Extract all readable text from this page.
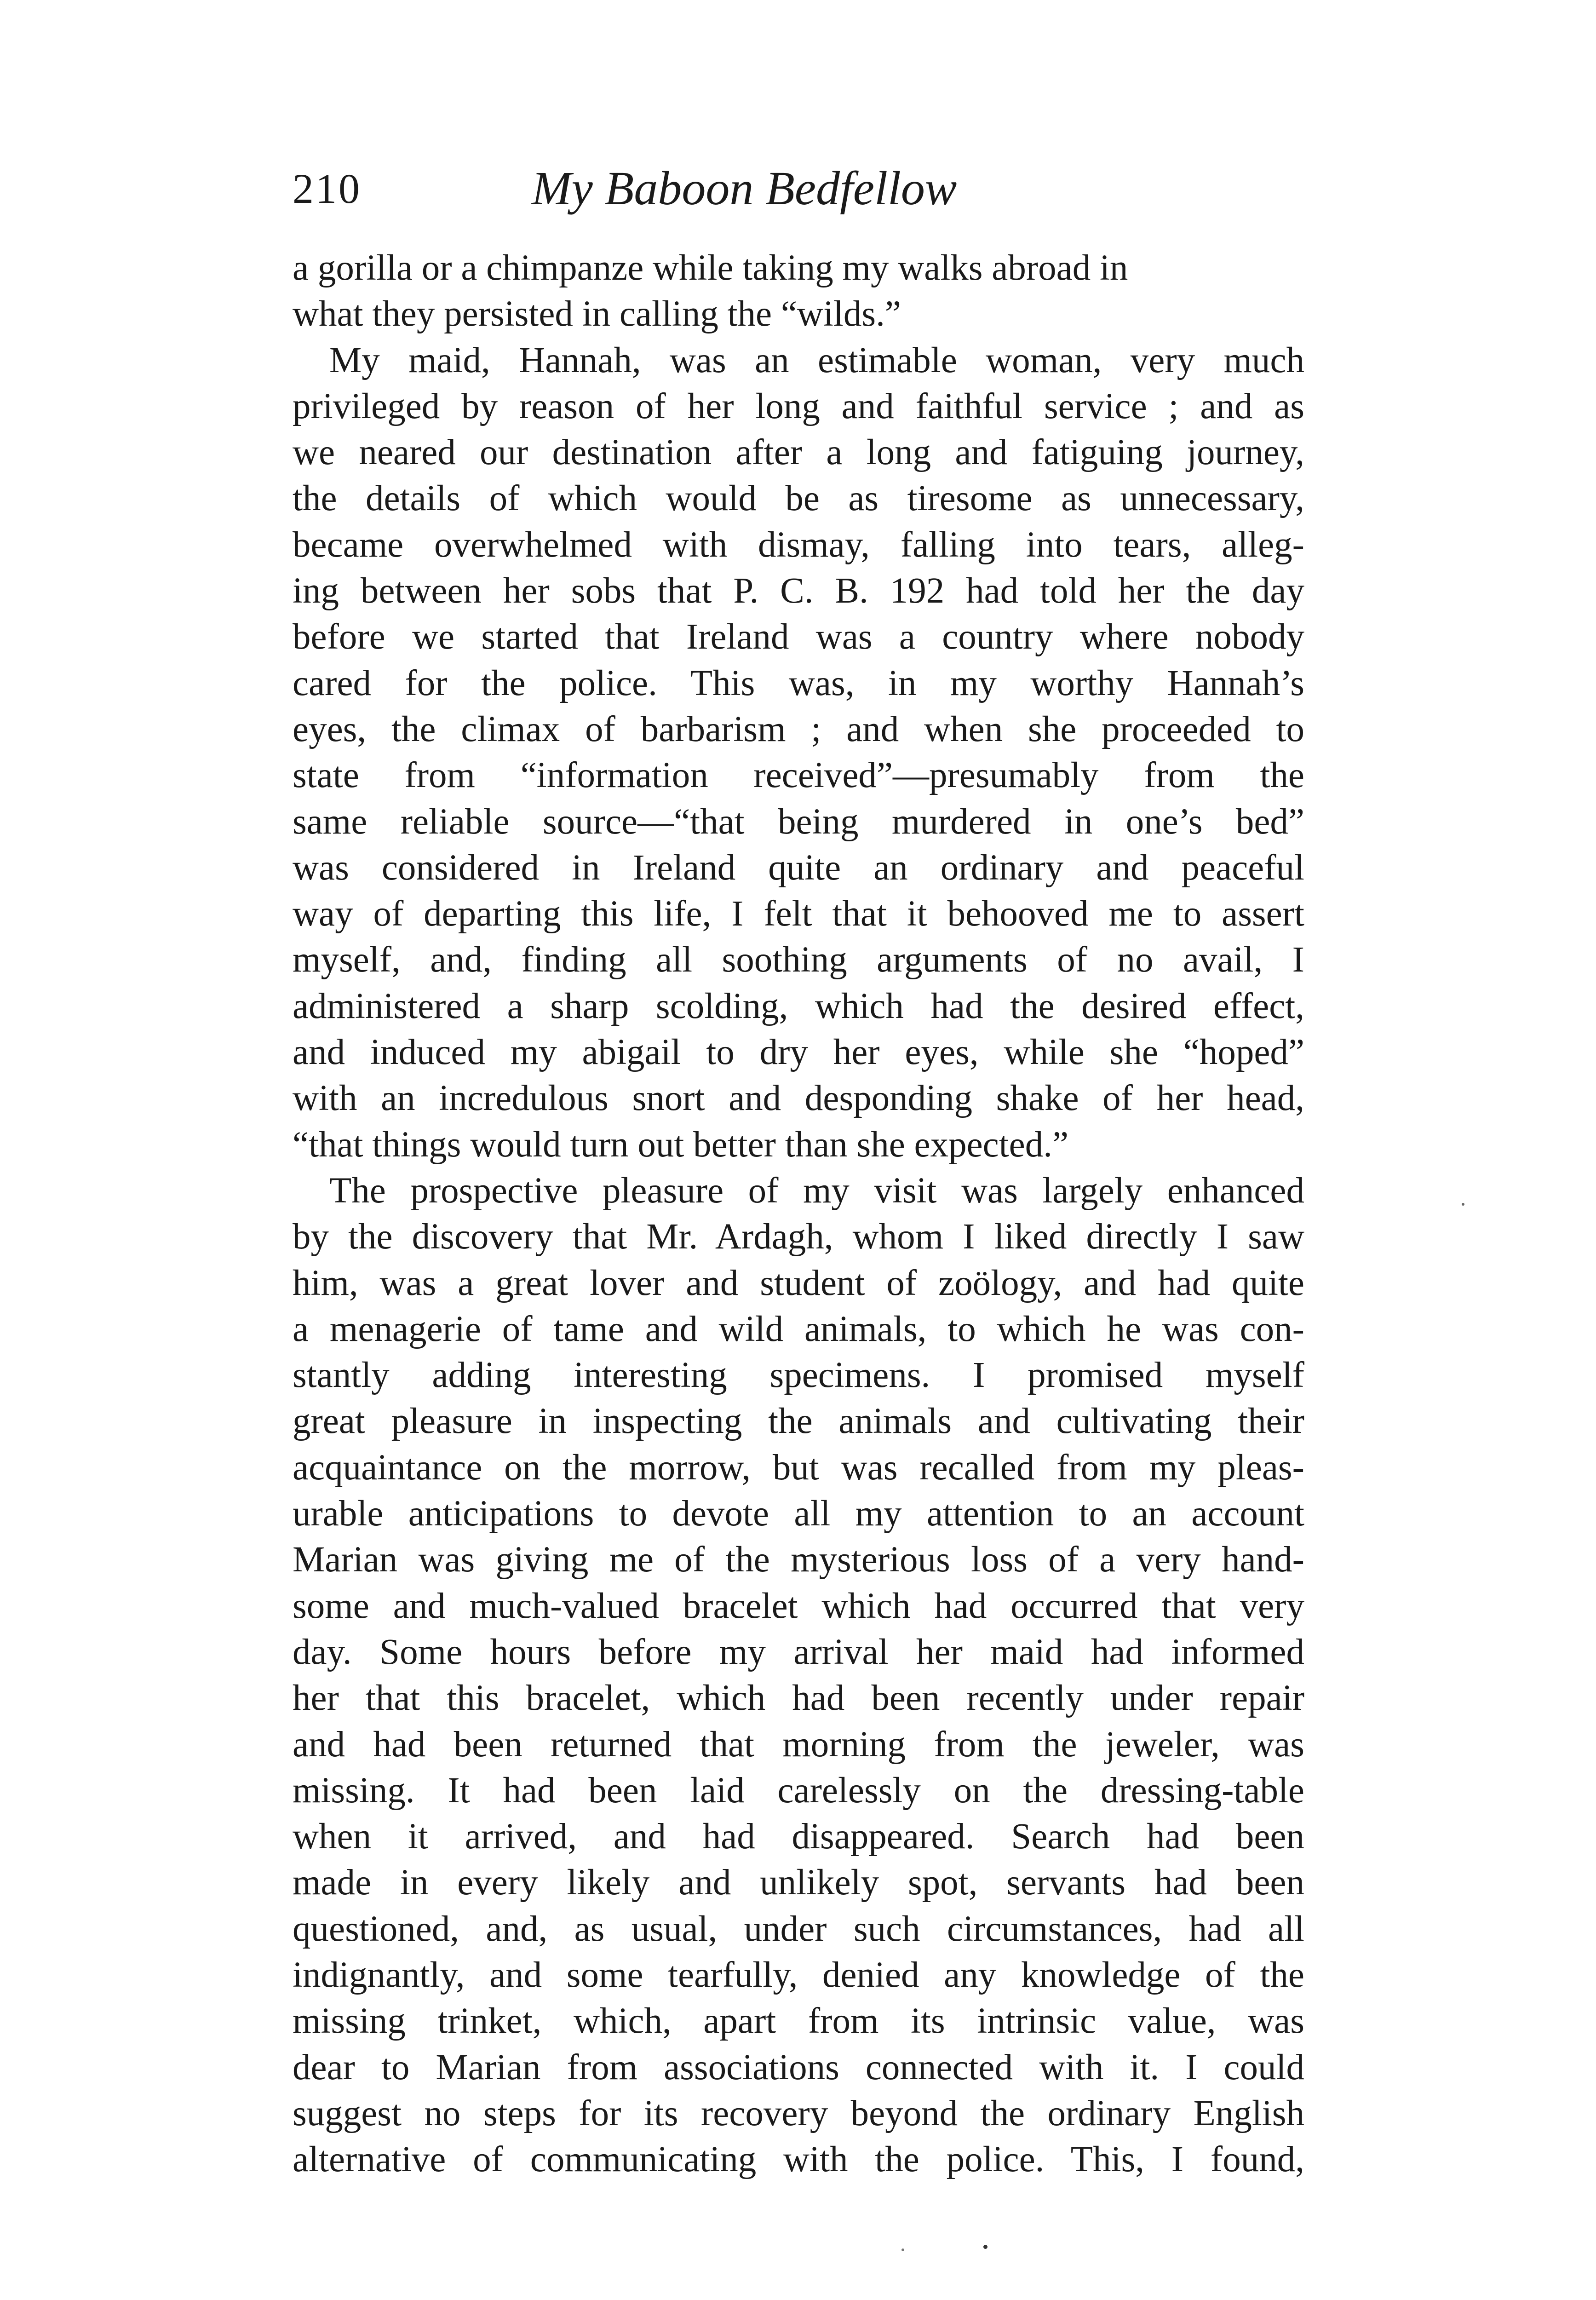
210	My Baboon Bedfellow
a gorilla or a chimpanze while taking my walks abroad in
what they persisted in calling the “wilds.”
My maid, Hannah, was an estimable woman, very much
privileged by reason of her long and faithful service ; and as
we neared our destination after a long and fatiguing journey,
the details of which would be as tiresome as unnecessary,
became overwhelmed with dismay, falling into tears, alleg-
ing between her sobs that P. C. B. 192 had told her the day
before we started that Ireland was a country where nobody
cared for the police. This was, in my worthy Hannah’s
eyes, the climax of barbarism ; and when she proceeded to
state from “information received”—presumably from the
same reliable source—“that being murdered in one’s bed”
was considered in Ireland quite an ordinary and peaceful
way of departing this life, I felt that it behooved me to assert
myself, and, finding all soothing arguments of no avail, I
administered a sharp scolding, which had the desired effect,
and induced my abigail to dry her eyes, while she “hoped”
with an incredulous snort and desponding shake of her head,
“that things would turn out better than she expected.”
The prospective pleasure of my visit was largely enhanced
by the discovery that Mr. Ardagh, whom I liked directly I saw
him, was a great lover and student of zoölogy, and had quite
a menagerie of tame and wild animals, to which he was con-
stantly adding interesting specimens. I promised myself
great pleasure in inspecting the animals and cultivating their
acquaintance on the morrow, but was recalled from my pleas-
urable anticipations to devote all my attention to an account
Marian was giving me of the mysterious loss of a very hand-
some and much-valued bracelet which had occurred that very
day. Some hours before my arrival her maid had informed
her that this bracelet, which had been recently under repair
and had been returned that morning from the jeweler, was
missing. It had been laid carelessly on the dressing-table
when it arrived, and had disappeared. Search had been
made in every likely and unlikely spot, servants had been
questioned, and, as usual, under such circumstances, had all
indignantly, and some tearfully, denied any knowledge of the
missing trinket, which, apart from its intrinsic value, was
dear to Marian from associations connected with it. I could
suggest no steps for its recovery beyond the ordinary English
alternative of communicating with the police. This, I found,
